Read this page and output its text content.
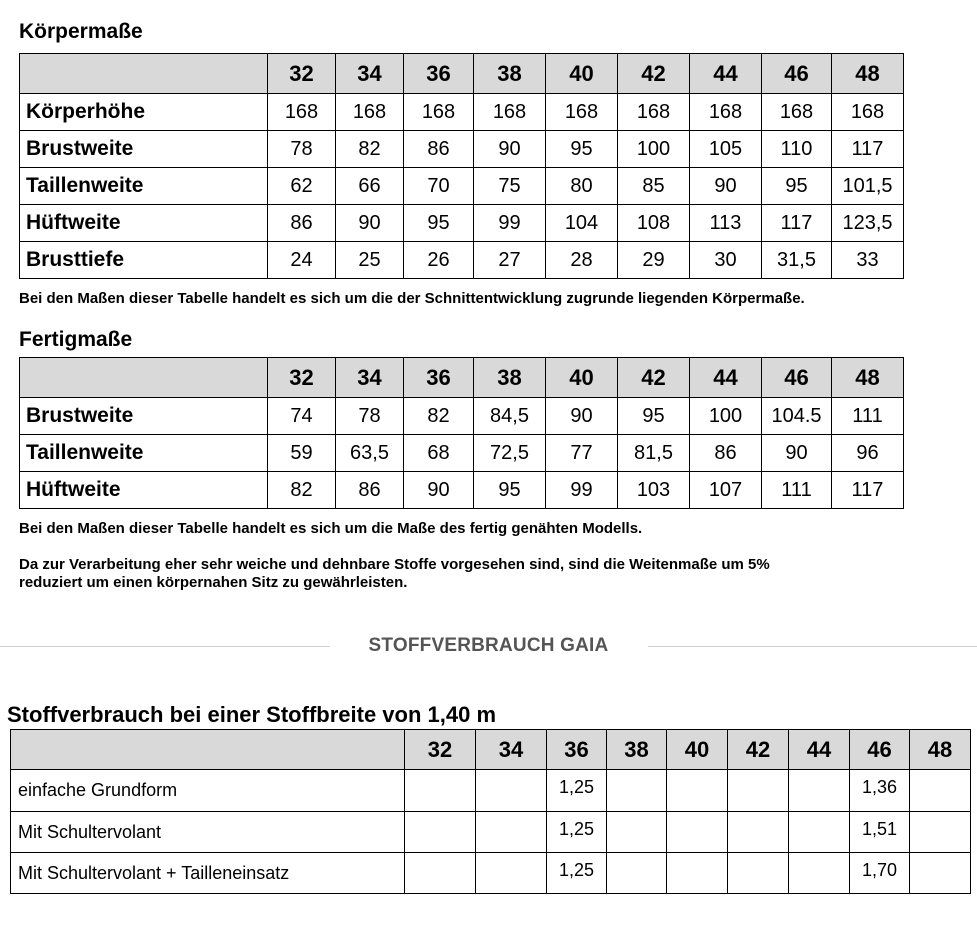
Körpermaße
	32	34	36	38	40	42	44	46	48
Körperhöhe	168	168	168	168	168	168	168	168	168
Brustweite	78	82	86	90	95	100	105	110	117
Taillenweite	62	66	70	75	80	85	90	95	101,5
Hüftweite	86	90	95	99	104	108	113	117	123,5
Brusttiefe	24	25	26	27	28	29	30	31,5	33
Bei den Maßen dieser Tabelle handelt es sich um die der Schnittentwicklung zugrunde liegenden Körpermaße.
Fertigmaße
	32	34	36	38	40	42	44	46	48
Brustweite	74	78	82	84,5	90	95	100	104.5	111
Taillenweite	59	63,5	68	72,5	77	81,5	86	90	96
Hüftweite	82	86	90	95	99	103	107	111	117
Bei den Maßen dieser Tabelle handelt es sich um die Maße des fertig genähten Modells.
Da zur Verarbeitung eher sehr weiche und dehnbare Stoffe vorgesehen sind, sind die Weitenmaße um 5%
reduziert um einen körpernahen Sitz zu gewährleisten.
STOFFVERBRAUCH GAIA
Stoffverbrauch bei einer Stoffbreite von 1,40 m
	32	34	36	38	40	42	44	46	48
einfache Grundform			1,25					1,36	
Mit Schultervolant			1,25					1,51	
Mit Schultervolant + Tailleneinsatz			1,25					1,70	
